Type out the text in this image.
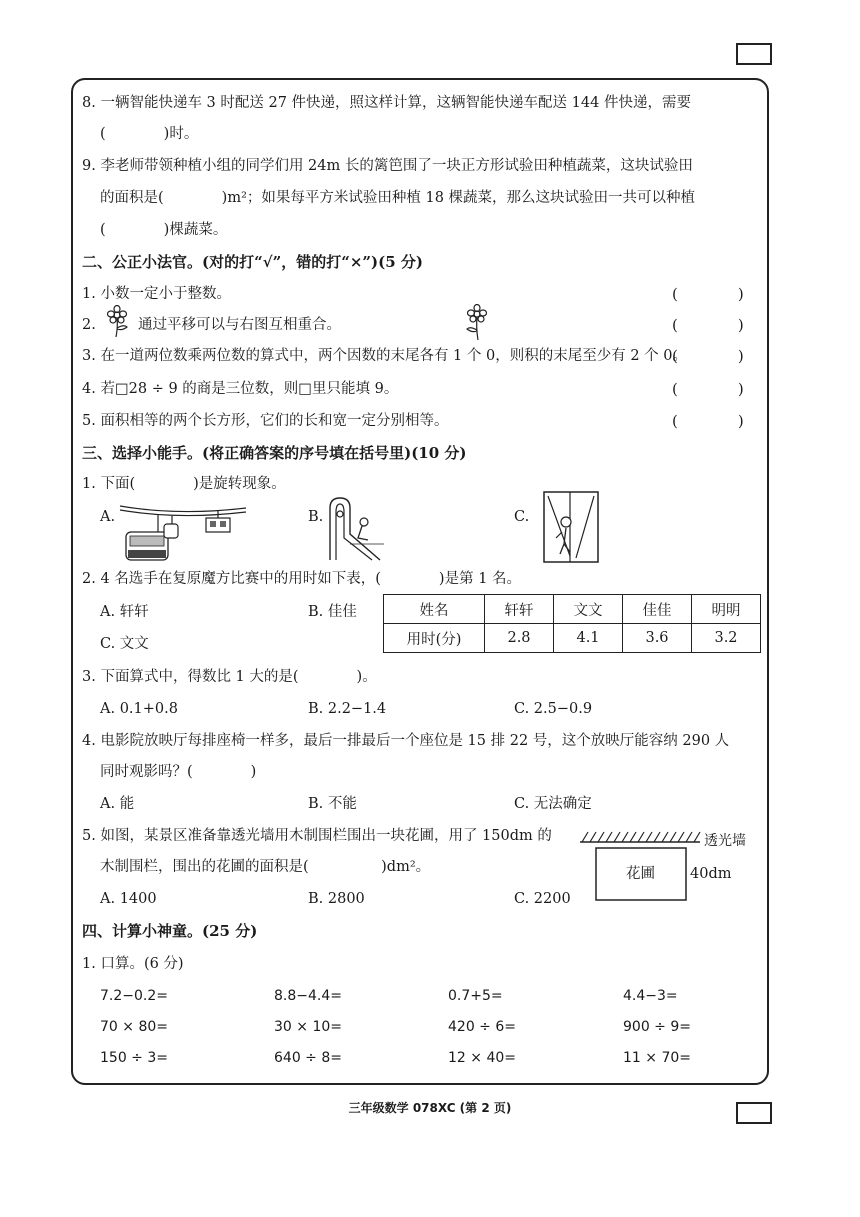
8. 一辆智能快递车 3 时配送 27 件快递，照这样计算，这辆智能快递车配送 144 件快递，需要
(　　　　)时。
9. 李老师带领种植小组的同学们用 24m 长的篱笆围了一块正方形试验田种植蔬菜，这块试验田
的面积是(　　　　)m²；如果每平方米试验田种植 18 棵蔬菜，那么这块试验田一共可以种植
(　　　　)棵蔬菜。
二、公正小法官。(对的打“√”，错的打“×”)(5 分)
1. 小数一定小于整数。	(　　　　)
2.	通过平移可以与右图互相重合。	(　　　　)
3. 在一道两位数乘两位数的算式中，两个因数的末尾各有 1 个 0，则积的末尾至少有 2 个 0。
(　　　　)
4. 若□28 ÷ 9 的商是三位数，则□里只能填 9。	(　　　　)
5. 面积相等的两个长方形，它们的长和宽一定分别相等。	(　　　　)
三、选择小能手。(将正确答案的序号填在括号里)(10 分)
1. 下面(　　　　)是旋转现象。
A.	B.	C.
2. 4 名选手在复原魔方比赛中的用时如下表，(　　　　)是第 1 名。
A. 轩轩	B. 佳佳
C. 文文
姓名	轩轩	文文	佳佳	明明
用时(分)	2.8	4.1	3.6	3.2
3. 下面算式中，得数比 1 大的是(　　　　)。
A. 0.1+0.8	B. 2.2−1.4	C. 2.5−0.9
4. 电影院放映厅每排座椅一样多，最后一排最后一个座位是 15 排 22 号，这个放映厅能容纳 290 人
同时观影吗？(　　　　)
A. 能	B. 不能	C. 无法确定
5. 如图，某景区准备靠透光墙用木制围栏围出一块花圃，用了 150dm 的
木制围栏，围出的花圃的面积是(　　　　　)dm²。
透光墙
花圃 40dm
A. 1400	B. 2800	C. 2200
四、计算小神童。(25 分)
1. 口算。(6 分)
7.2−0.2=	8.8−4.4=	0.7+5=	4.4−3=
70 × 80=	30 × 10=	420 ÷ 6=	900 ÷ 9=
150 ÷ 3=	640 ÷ 8=	12 × 40=	11 × 70=
三年级数学 078XC (第 2 页)
